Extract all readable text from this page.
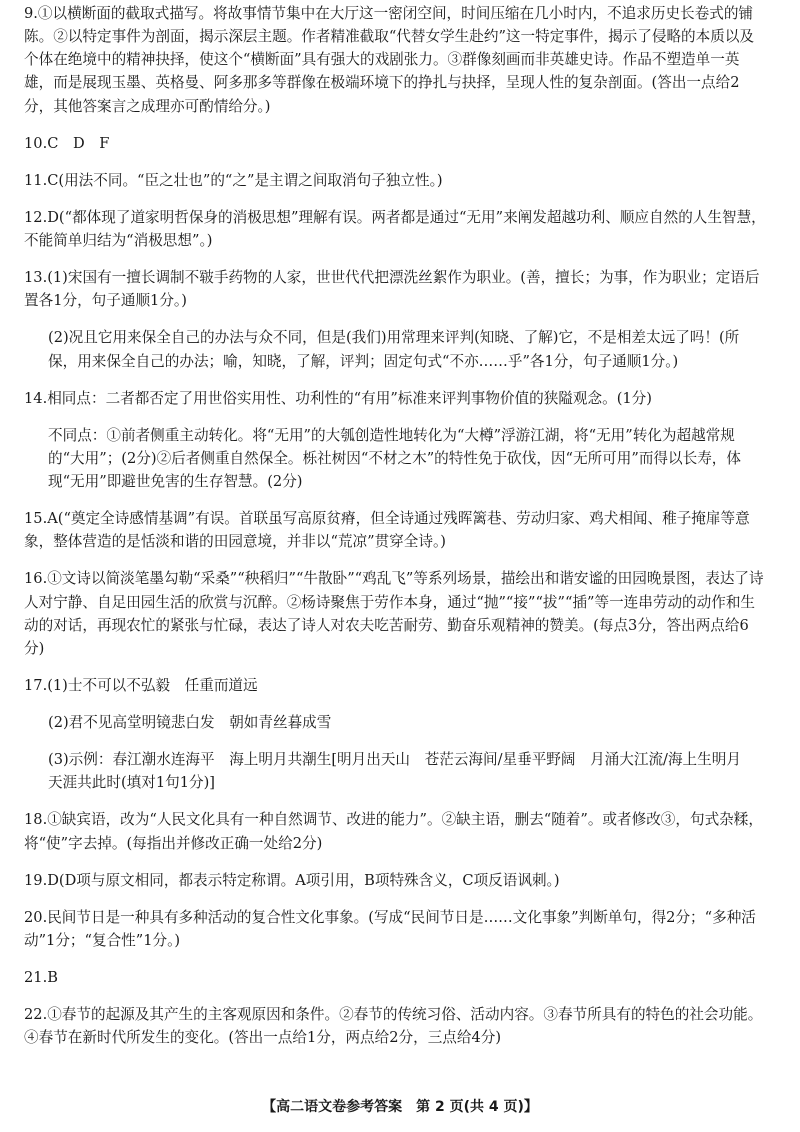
9.①以横断面的截取式描写。将故事情节集中在大厅这一密闭空间，时间压缩在几小时内，不追求历史长卷式的铺陈。②以特定事件为剖面，揭示深层主题。作者精准截取“代替女学生赴约”这一特定事件，揭示了侵略的本质以及个体在绝境中的精神抉择，使这个“横断面”具有强大的戏剧张力。③群像刻画而非英雄史诗。作品不塑造单一英雄，而是展现玉墨、英格曼、阿多那多等群像在极端环境下的挣扎与抉择，呈现人性的复杂剖面。(答出一点给2分，其他答案言之成理亦可酌情给分。)

10.C　D　F

11.C(用法不同。“臣之壮也”的“之”是主谓之间取消句子独立性。)

12.D(“都体现了道家明哲保身的消极思想”理解有误。两者都是通过“无用”来阐发超越功利、顺应自然的人生智慧，不能简单归结为“消极思想”。)

13.(1)宋国有一擅长调制不皲手药物的人家，世世代代把漂洗丝絮作为职业。(善，擅长；为事，作为职业；定语后置各1分，句子通顺1分。)

(2)况且它用来保全自己的办法与众不同，但是(我们)用常理来评判(知晓、了解)它，不是相差太远了吗！(所保，用来保全自己的办法；喻，知晓，了解，评判；固定句式“不亦……乎”各1分，句子通顺1分。)

14.相同点：二者都否定了用世俗实用性、功利性的“有用”标准来评判事物价值的狭隘观念。(1分)

不同点：①前者侧重主动转化。将“无用”的大瓠创造性地转化为“大樽”浮游江湖，将“无用”转化为超越常规的“大用”；(2分)②后者侧重自然保全。栎社树因“不材之木”的特性免于砍伐，因“无所可用”而得以长寿，体现“无用”即避世免害的生存智慧。(2分)

15.A(“奠定全诗感情基调”有误。首联虽写高原贫瘠，但全诗通过残晖篱巷、劳动归家、鸡犬相闻、稚子掩扉等意象，整体营造的是恬淡和谐的田园意境，并非以“荒凉”贯穿全诗。)

16.①文诗以简淡笔墨勾勒“采桑”“秧稻归”“牛散卧”“鸡乱飞”等系列场景，描绘出和谐安谧的田园晚景图，表达了诗人对宁静、自足田园生活的欣赏与沉醉。②杨诗聚焦于劳作本身，通过“抛”“接”“拔”“插”等一连串劳动的动作和生动的对话，再现农忙的紧张与忙碌，表达了诗人对农夫吃苦耐劳、勤奋乐观精神的赞美。(每点3分，答出两点给6分)

17.(1)士不可以不弘毅　任重而道远

(2)君不见高堂明镜悲白发　朝如青丝暮成雪

(3)示例：春江潮水连海平　海上明月共潮生[明月出天山　苍茫云海间/星垂平野阔　月涌大江流/海上生明月　天涯共此时(填对1句1分)]

18.①缺宾语，改为“人民文化具有一种自然调节、改进的能力”。②缺主语，删去“随着”。或者修改③，句式杂糅，将“使”字去掉。(每指出并修改正确一处给2分)

19.D(D项与原文相同，都表示特定称谓。A项引用，B项特殊含义，C项反语讽刺。)

20.民间节日是一种具有多种活动的复合性文化事象。(写成“民间节日是……文化事象”判断单句，得2分；“多种活动”1分；“复合性”1分。)

21.B

22.①春节的起源及其产生的主客观原因和条件。②春节的传统习俗、活动内容。③春节所具有的特色的社会功能。④春节在新时代所发生的变化。(答出一点给1分，两点给2分，三点给4分)

【高二语文卷参考答案　第 2 页(共 4 页)】
